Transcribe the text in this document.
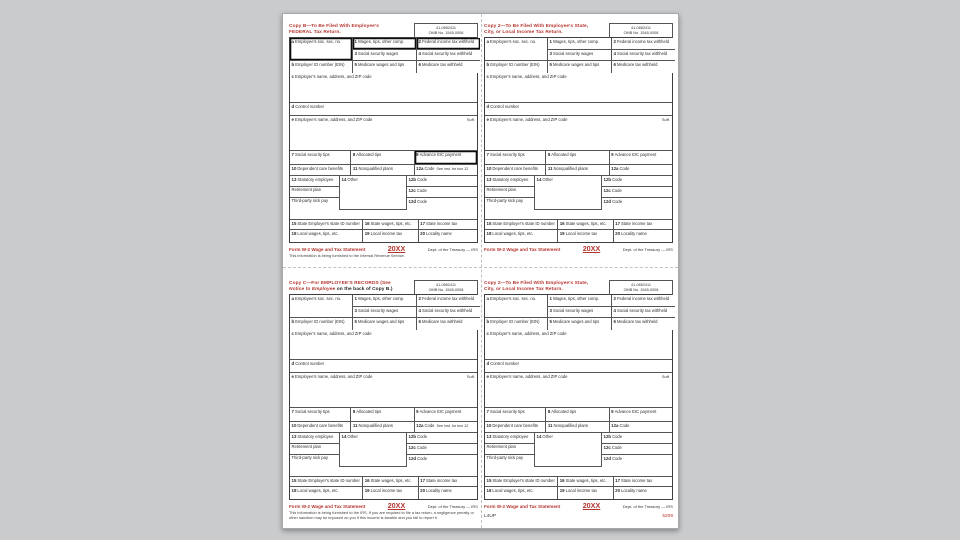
Copy B—To Be Filed With Employee's
FEDERAL Tax Return.
41-0852411
OMB No. 1545-0008
aEmployee's soc. sec. no.
bEmployer ID number (EIN)
1Wages, tips, other comp.	2Federal income tax withheld
3Social security wages	4Social security tax withheld
5Medicare wages and tips	6Medicare tax withheld
cEmployer's name, address, and ZIP code
dControl number
eEmployee's name, address, and ZIP code	Suff.
7Social security tips	8Allocated tips	9Advance EIC payment
10Dependent care benefits	11Nonqualified plans	12aCode See inst. for box 12
13Statutory employee
Retirement plan
Third-party sick pay
14Other	12bCode
12cCode
12dCode
15State Employer's state ID number	16State wages, tips, etc.	17State income tax
18Local wages, tips, etc.	19Local income tax	20Locality name
Form W-2 Wage and Tax Statement	20XX	Dept. of the Treasury — IRS
This information is being furnished to the Internal Revenue Service.
Copy 2—To Be Filed With Employee's State,
City, or Local Income Tax Return.
41-0852411
OMB No. 1545-0008
aEmployee's soc. sec. no.
bEmployer ID number (EIN)
1Wages, tips, other comp.	2Federal income tax withheld
3Social security wages	4Social security tax withheld
5Medicare wages and tips	6Medicare tax withheld
cEmployer's name, address, and ZIP code
dControl number
eEmployee's name, address, and ZIP code	Suff.
7Social security tips	8Allocated tips	9Advance EIC payment
10Dependent care benefits	11Nonqualified plans	12aCode
13Statutory employee
Retirement plan
Third-party sick pay
14Other	12bCode
12cCode
12dCode
15State Employer's state ID number	16State wages, tips, etc.	17State income tax
18Local wages, tips, etc.	19Local income tax	20Locality name
Form W-2 Wage and Tax Statement	20XX	Dept. of the Treasury — IRS
Copy C—For EMPLOYEE'S RECORDS (See
Notice to Employee on the back of Copy B.)
41-0852411
OMB No. 1545-0008
aEmployee's soc. sec. no.
bEmployer ID number (EIN)
1Wages, tips, other comp.	2Federal income tax withheld
3Social security wages	4Social security tax withheld
5Medicare wages and tips	6Medicare tax withheld
cEmployer's name, address, and ZIP code
dControl number
eEmployee's name, address, and ZIP code	Suff.
7Social security tips	8Allocated tips	9Advance EIC payment
10Dependent care benefits	11Nonqualified plans	12aCode See inst. for box 12
13Statutory employee
Retirement plan
Third-party sick pay
14Other	12bCode
12cCode
12dCode
15State Employer's state ID number	16State wages, tips, etc.	17State income tax
18Local wages, tips, etc.	19Local income tax	20Locality name
Form W-2 Wage and Tax Statement	20XX	Dept. of the Treasury — IRS
This information is being furnished to the IRS. If you are required to file a tax return, a negligence penalty or other sanction may be imposed on you if this income is taxable and you fail to report it.
Copy 2—To Be Filed With Employee's State,
City, or Local Income Tax Return.
41-0852411
OMB No. 1545-0008
aEmployee's soc. sec. no.
bEmployer ID number (EIN)
1Wages, tips, other comp.	2Federal income tax withheld
3Social security wages	4Social security tax withheld
5Medicare wages and tips	6Medicare tax withheld
cEmployer's name, address, and ZIP code
dControl number
eEmployee's name, address, and ZIP code	Suff.
7Social security tips	8Allocated tips	9Advance EIC payment
10Dependent care benefits	11Nonqualified plans	12aCode
13Statutory employee
Retirement plan
Third-party sick pay
14Other	12bCode
12cCode
12dCode
15State Employer's state ID number	16State wages, tips, etc.	17State income tax
18Local wages, tips, etc.	19Local income tax	20Locality name
Form W-2 Wage and Tax Statement	20XX	Dept. of the Treasury — IRS
L4UP	5209
